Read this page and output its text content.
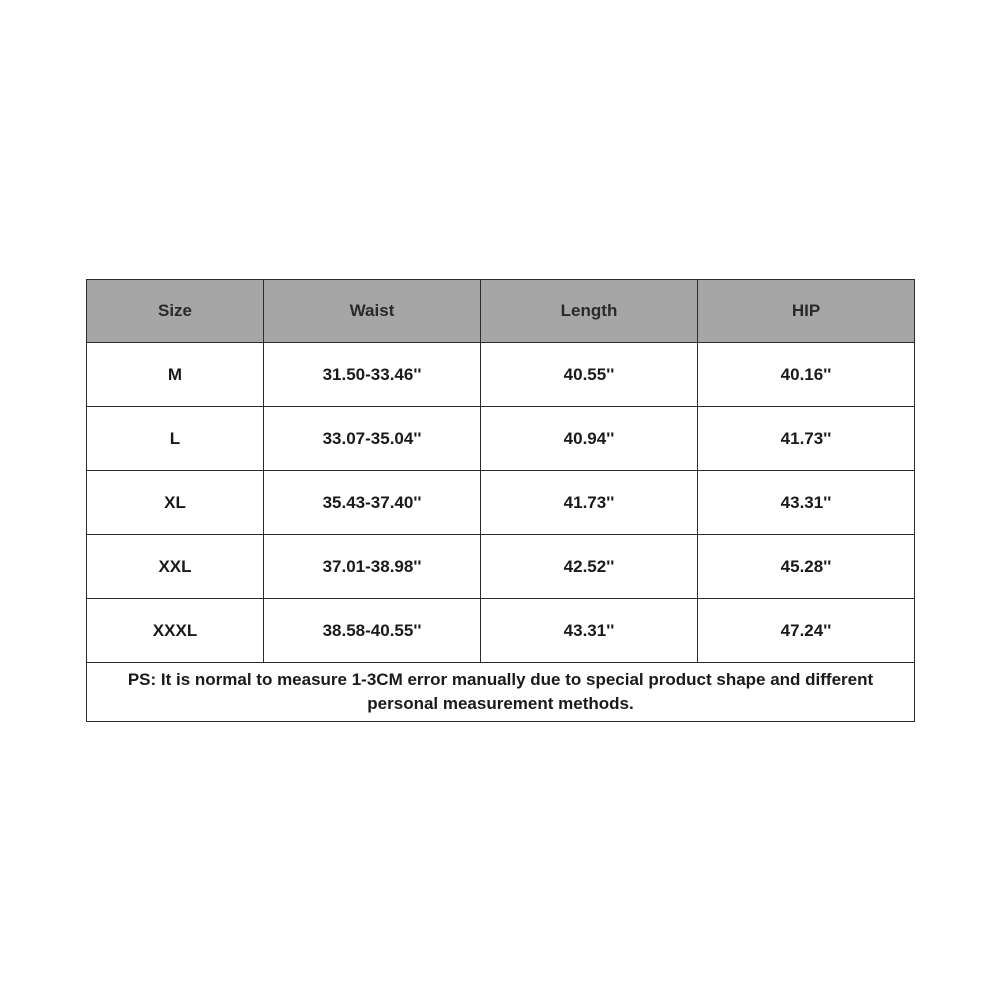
Size	Waist	Length	HIP
M	31.50-33.46''	40.55''	40.16''
L	33.07-35.04''	40.94''	41.73''
XL	35.43-37.40''	41.73''	43.31''
XXL	37.01-38.98''	42.52''	45.28''
XXXL	38.58-40.55''	43.31''	47.24''
PS: It is normal to measure 1-3CM error manually due to special product shape and different personal measurement methods.			
